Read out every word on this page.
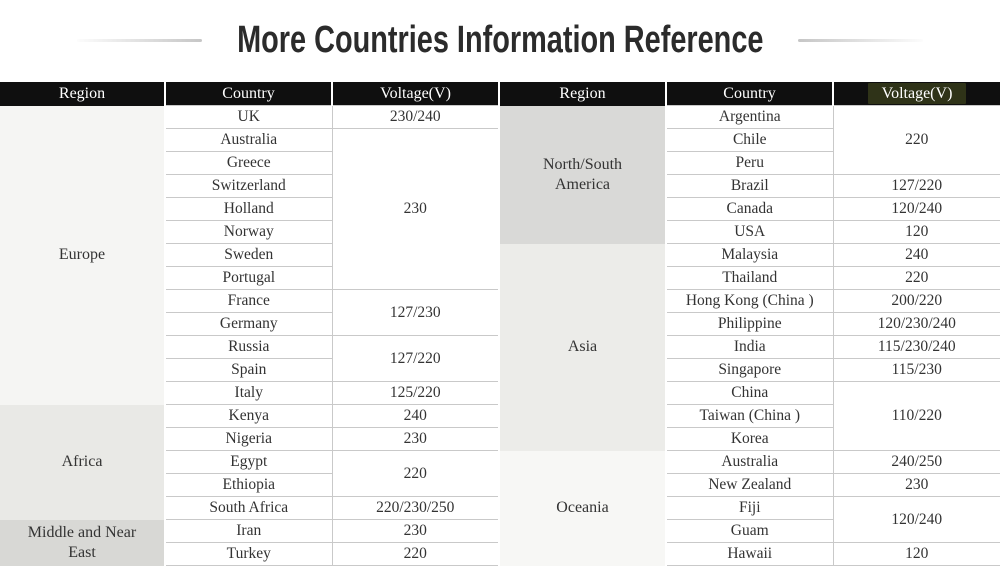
More Countries Information Reference
Region	Country	Voltage(V)	Region	Country	Voltage(V)
Europe	UK	230/240	North/South America	Argentina	220
	Australia	230		Chile	
	Greece			Peru	
	Switzerland			Brazil	127/220
	Holland			Canada	120/240
	Norway			USA	120
	Sweden		Asia	Malaysia	240
	Portugal			Thailand	220
	France	127/230		Hong Kong (China )	200/220
	Germany			Philippine	120/230/240
	Russia	127/220		India	115/230/240
	Spain			Singapore	115/230
	Italy	125/220		China	110/220
Africa	Kenya	240		Taiwan (China )	
	Nigeria	230		Korea	
	Egypt	220	Oceania	Australia	240/250
	Ethiopia			New Zealand	230
	South Africa	220/230/250		Fiji	120/240
Middle and Near East	Iran	230		Guam	
	Turkey	220		Hawaii	120
